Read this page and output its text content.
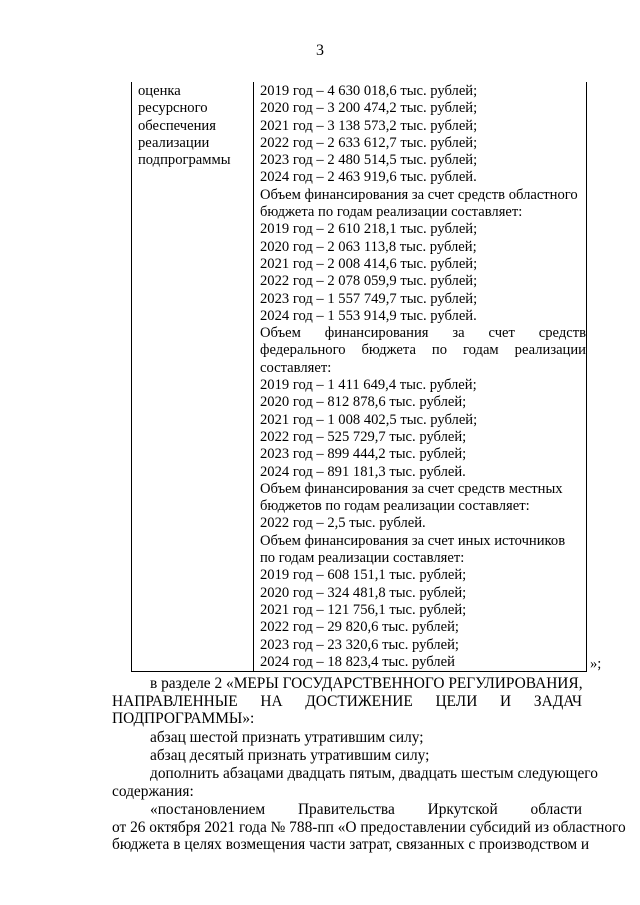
3
оценка
ресурсного
обеспечения
реализации
подпрограммы

2019 год – 4 630 018,6 тыс. рублей;
2020 год – 3 200 474,2 тыс. рублей;
2021 год – 3 138 573,2 тыс. рублей;
2022 год – 2 633 612,7 тыс. рублей;
2023 год – 2 480 514,5 тыс. рублей;
2024 год – 2 463 919,6 тыс. рублей.
Объем финансирования за счет средств областного
бюджета по годам реализации составляет:
2019 год – 2 610 218,1 тыс. рублей;
2020 год – 2 063 113,8 тыс. рублей;
2021 год – 2 008 414,6 тыс. рублей;
2022 год – 2 078 059,9 тыс. рублей;
2023 год – 1 557 749,7 тыс. рублей;
2024 год – 1 553 914,9 тыс. рублей.
Объем финансирования за счет средств
федерального бюджета по годам реализации
составляет:
2019 год – 1 411 649,4 тыс. рублей;
2020 год – 812 878,6 тыс. рублей;
2021 год – 1 008 402,5 тыс. рублей;
2022 год – 525 729,7 тыс. рублей;
2023 год – 899 444,2 тыс. рублей;
2024 год – 891 181,3 тыс. рублей.
Объем финансирования за счет средств местных
бюджетов по годам реализации составляет:
2022 год – 2,5 тыс. рублей.
Объем финансирования за счет иных источников
по годам реализации составляет:
2019 год – 608 151,1 тыс. рублей;
2020 год – 324 481,8 тыс. рублей;
2021 год – 121 756,1 тыс. рублей;
2022 год – 29 820,6 тыс. рублей;
2023 год – 23 320,6 тыс. рублей;
2024 год – 18 823,4 тыс. рублей	»;
в разделе 2 «МЕРЫ ГОСУДАРСТВЕННОГО РЕГУЛИРОВАНИЯ,
НАПРАВЛЕННЫЕ НА ДОСТИЖЕНИЕ ЦЕЛИ И ЗАДАЧ
ПОДПРОГРАММЫ»:
абзац шестой признать утратившим силу;
абзац десятый признать утратившим силу;
дополнить абзацами двадцать пятым, двадцать шестым следующего
содержания:
«постановлением Правительства Иркутской области
от 26 октября 2021 года № 788-пп «О предоставлении субсидий из областного
бюджета в целях возмещения части затрат, связанных с производством и
